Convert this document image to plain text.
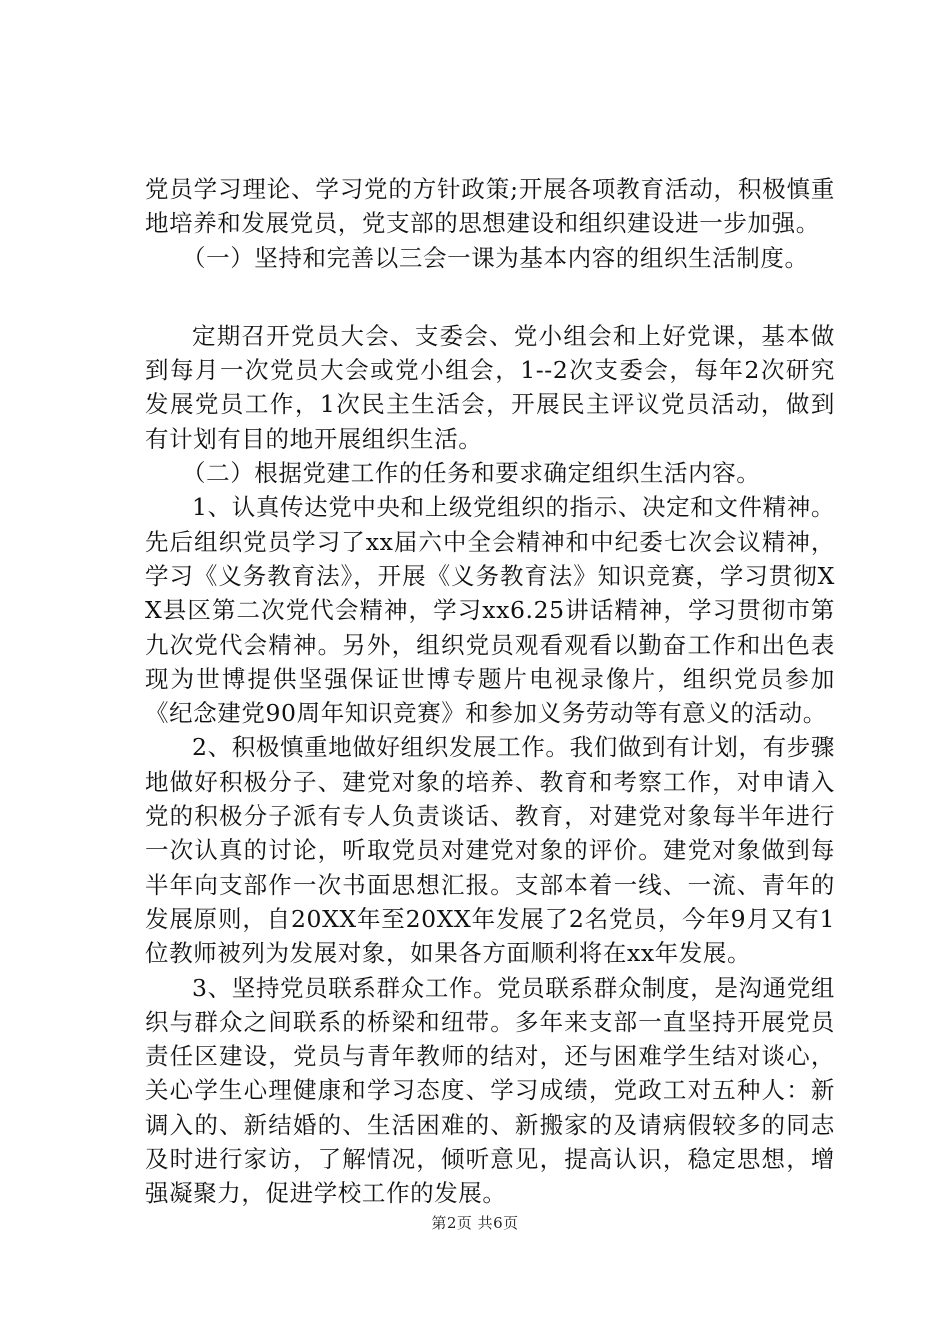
党员学习理论、学习党的方针政策;开展各项教育活动，积极慎重地培养和发展党员，党支部的思想建设和组织建设进一步加强。

（一）坚持和完善以三会一课为基本内容的组织生活制度。

定期召开党员大会、支委会、党小组会和上好党课，基本做到每月一次党员大会或党小组会，1--2次支委会，每年2次研究发展党员工作，1次民主生活会，开展民主评议党员活动，做到有计划有目的地开展组织生活。

（二）根据党建工作的任务和要求确定组织生活内容。

1、认真传达党中央和上级党组织的指示、决定和文件精神。先后组织党员学习了xx届六中全会精神和中纪委七次会议精神，学习《义务教育法》，开展《义务教育法》知识竞赛，学习贯彻XX县区第二次党代会精神，学习xx6.25讲话精神，学习贯彻市第九次党代会精神。另外，组织党员观看观看以勤奋工作和出色表现为世博提供坚强保证世博专题片电视录像片，组织党员参加《纪念建党90周年知识竞赛》和参加义务劳动等有意义的活动。

2、积极慎重地做好组织发展工作。我们做到有计划，有步骤地做好积极分子、建党对象的培养、教育和考察工作，对申请入党的积极分子派有专人负责谈话、教育，对建党对象每半年进行一次认真的讨论，听取党员对建党对象的评价。建党对象做到每半年向支部作一次书面思想汇报。支部本着一线、一流、青年的发展原则，自20XX年至20XX年发展了2名党员，今年9月又有1位教师被列为发展对象，如果各方面顺利将在xx年发展。

3、坚持党员联系群众工作。党员联系群众制度，是沟通党组织与群众之间联系的桥梁和纽带。多年来支部一直坚持开展党员责任区建设，党员与青年教师的结对，还与困难学生结对谈心，关心学生心理健康和学习态度、学习成绩，党政工对五种人：新调入的、新结婚的、生活困难的、新搬家的及请病假较多的同志及时进行家访，了解情况，倾听意见，提高认识，稳定思想，增强凝聚力，促进学校工作的发展。

第2页 共6页
